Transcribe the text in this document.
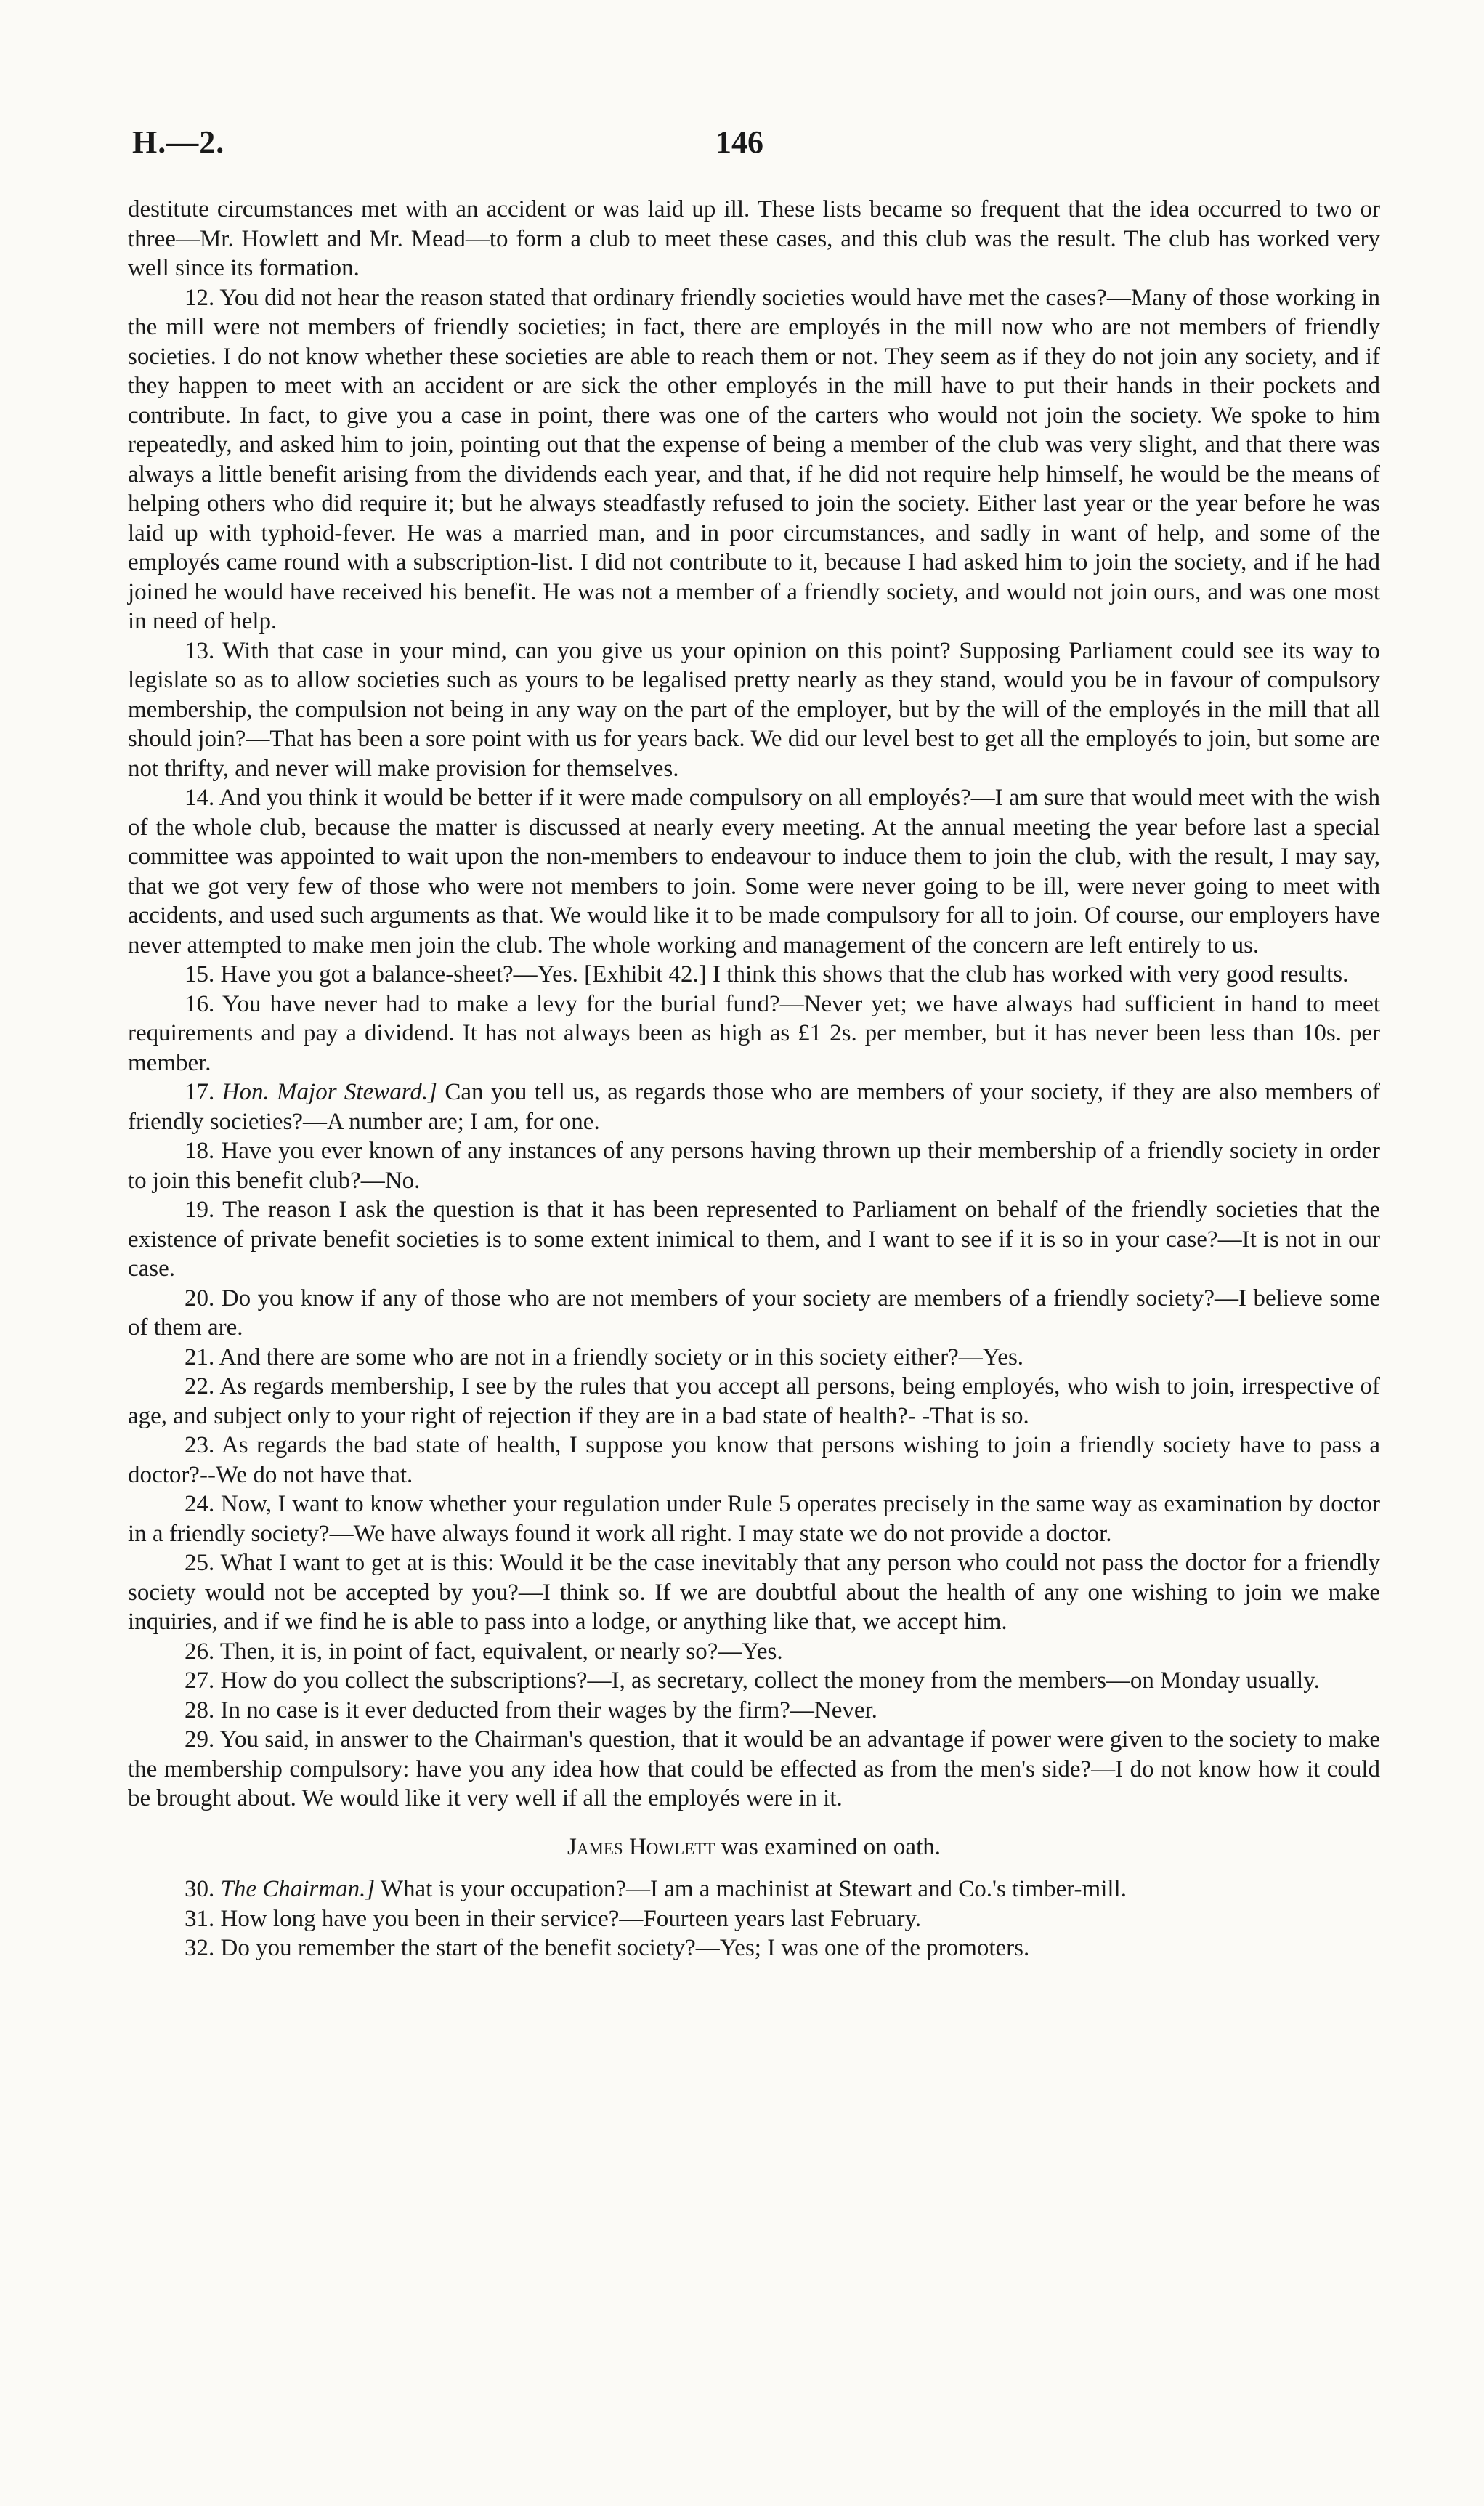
H.—2.	146

destitute circumstances met with an accident or was laid up ill. These lists became so frequent that the idea occurred to two or three—Mr. Howlett and Mr. Mead—to form a club to meet these cases, and this club was the result. The club has worked very well since its formation.

12. You did not hear the reason stated that ordinary friendly societies would have met the cases?—Many of those working in the mill were not members of friendly societies; in fact, there are employés in the mill now who are not members of friendly societies. I do not know whether these societies are able to reach them or not. They seem as if they do not join any society, and if they happen to meet with an accident or are sick the other employés in the mill have to put their hands in their pockets and contribute. In fact, to give you a case in point, there was one of the carters who would not join the society. We spoke to him repeatedly, and asked him to join, pointing out that the expense of being a member of the club was very slight, and that there was always a little benefit arising from the dividends each year, and that, if he did not require help himself, he would be the means of helping others who did require it; but he always steadfastly refused to join the society. Either last year or the year before he was laid up with typhoid-fever. He was a married man, and in poor circumstances, and sadly in want of help, and some of the employés came round with a subscription-list. I did not contribute to it, because I had asked him to join the society, and if he had joined he would have received his benefit. He was not a member of a friendly society, and would not join ours, and was one most in need of help.

13. With that case in your mind, can you give us your opinion on this point? Supposing Parliament could see its way to legislate so as to allow societies such as yours to be legalised pretty nearly as they stand, would you be in favour of compulsory membership, the compulsion not being in any way on the part of the employer, but by the will of the employés in the mill that all should join?—That has been a sore point with us for years back. We did our level best to get all the employés to join, but some are not thrifty, and never will make provision for themselves.

14. And you think it would be better if it were made compulsory on all employés?—I am sure that would meet with the wish of the whole club, because the matter is discussed at nearly every meeting. At the annual meeting the year before last a special committee was appointed to wait upon the non-members to endeavour to induce them to join the club, with the result, I may say, that we got very few of those who were not members to join. Some were never going to be ill, were never going to meet with accidents, and used such arguments as that. We would like it to be made compulsory for all to join. Of course, our employers have never attempted to make men join the club. The whole working and management of the concern are left entirely to us.

15. Have you got a balance-sheet?—Yes. [Exhibit 42.] I think this shows that the club has worked with very good results.

16. You have never had to make a levy for the burial fund?—Never yet; we have always had sufficient in hand to meet requirements and pay a dividend. It has not always been as high as £1 2s. per member, but it has never been less than 10s. per member.

17. Hon. Major Steward.] Can you tell us, as regards those who are members of your society, if they are also members of friendly societies?—A number are; I am, for one.

18. Have you ever known of any instances of any persons having thrown up their membership of a friendly society in order to join this benefit club?—No.

19. The reason I ask the question is that it has been represented to Parliament on behalf of the friendly societies that the existence of private benefit societies is to some extent inimical to them, and I want to see if it is so in your case?—It is not in our case.

20. Do you know if any of those who are not members of your society are members of a friendly society?—I believe some of them are.

21. And there are some who are not in a friendly society or in this society either?—Yes.

22. As regards membership, I see by the rules that you accept all persons, being employés, who wish to join, irrespective of age, and subject only to your right of rejection if they are in a bad state of health?- -That is so.

23. As regards the bad state of health, I suppose you know that persons wishing to join a friendly society have to pass a doctor?--We do not have that.

24. Now, I want to know whether your regulation under Rule 5 operates precisely in the same way as examination by doctor in a friendly society?—We have always found it work all right. I may state we do not provide a doctor.

25. What I want to get at is this: Would it be the case inevitably that any person who could not pass the doctor for a friendly society would not be accepted by you?—I think so. If we are doubtful about the health of any one wishing to join we make inquiries, and if we find he is able to pass into a lodge, or anything like that, we accept him.

26. Then, it is, in point of fact, equivalent, or nearly so?—Yes.

27. How do you collect the subscriptions?—I, as secretary, collect the money from the members—on Monday usually.

28. In no case is it ever deducted from their wages by the firm?—Never.

29. You said, in answer to the Chairman's question, that it would be an advantage if power were given to the society to make the membership compulsory: have you any idea how that could be effected as from the men's side?—I do not know how it could be brought about. We would like it very well if all the employés were in it.

James Howlett was examined on oath.

30. The Chairman.] What is your occupation?—I am a machinist at Stewart and Co.'s timber-mill.

31. How long have you been in their service?—Fourteen years last February.

32. Do you remember the start of the benefit society?—Yes; I was one of the promoters.
